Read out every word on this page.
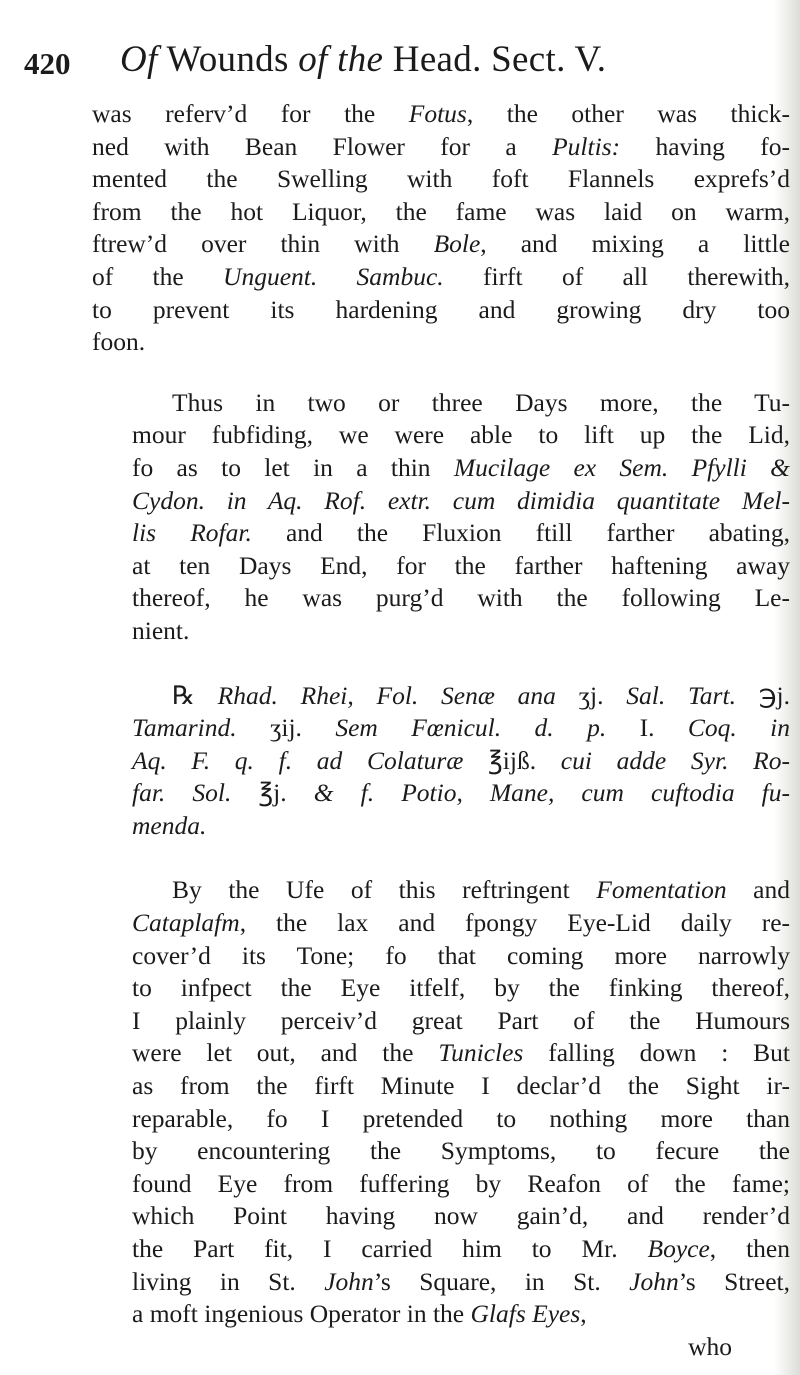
420 Of Wounds of the Head. Sect. V.
was referv’d for the Fotus, the other was thick-
ned with Bean Flower for a Pultis: having fo-
mented the Swelling with foft Flannels exprefs’d
from the hot Liquor, the fame was laid on warm,
ftrew’d over thin with Bole, and mixing a little
of the Unguent. Sambuc. firft of all therewith,
to prevent its hardening and growing dry too
foon.
Thus in two or three Days more, the Tu-
mour fubfiding, we were able to lift up the Lid,
fo as to let in a thin Mucilage ex Sem. Pfylli &
Cydon. in Aq. Rof. extr. cum dimidia quantitate Mel-
lis Rofar. and the Fluxion ftill farther abating,
at ten Days End, for the farther haftening away
thereof, he was purg’d with the following Le-
nient.
℞ Rhad. Rhei, Fol. Senæ ana ʒj. Sal. Tart. ℈j.
Tamarind. ʒij. Sem Fœnicul. d. p. I. Coq. in
Aq. F. q. f. ad Colaturæ ℥ijß. cui adde Syr. Ro-
far. Sol. ℥j. & f. Potio, Mane, cum cuftodia fu-
menda.
By the Ufe of this reftringent Fomentation and
Cataplafm, the lax and fpongy Eye-Lid daily re-
cover’d its Tone; fo that coming more narrowly
to infpect the Eye itfelf, by the finking thereof,
I plainly perceiv’d great Part of the Humours
were let out, and the Tunicles falling down : But
as from the firft Minute I declar’d the Sight ir-
reparable, fo I pretended to nothing more than
by encountering the Symptoms, to fecure the
found Eye from fuffering by Reafon of the fame;
which Point having now gain’d, and render’d
the Part fit, I carried him to Mr. Boyce, then
living in St. John’s Square, in St. John’s Street,
a moft ingenious Operator in the Glafs Eyes,
who
